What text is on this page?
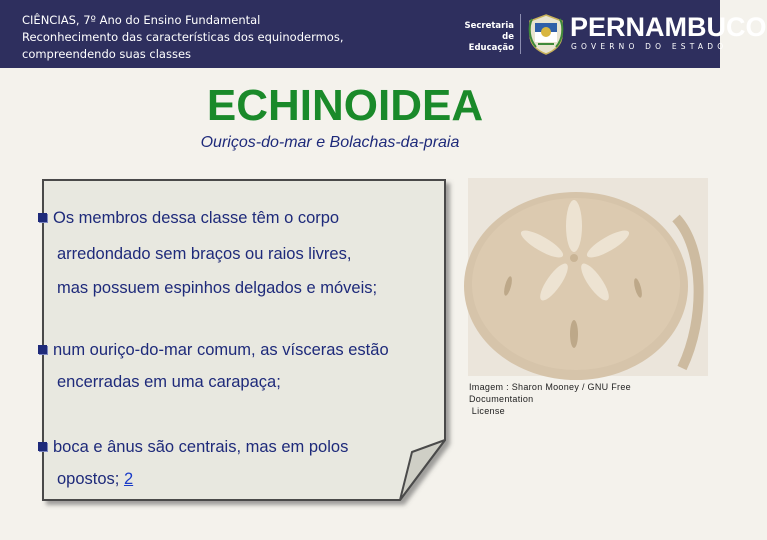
CIÊNCIAS, 7º Ano do Ensino Fundamental
Reconhecimento das características dos equinodermos,
compreendendo suas classes
Secretaria de
Educação
PERNAMBUCO
GOVERNO DO ESTADO
ECHINOIDEA
Ouriços-do-mar e Bolachas-da-praia
Os membros dessa classe têm o corpo
arredondado sem braços ou raios livres,
mas possuem espinhos delgados e móveis;
num ouriço-do-mar comum, as vísceras estão
encerradas em uma carapaça;
boca e ânus são centrais, mas em polos
opostos; 2
Imagem : Sharon Mooney / GNU Free
Documentation
License
